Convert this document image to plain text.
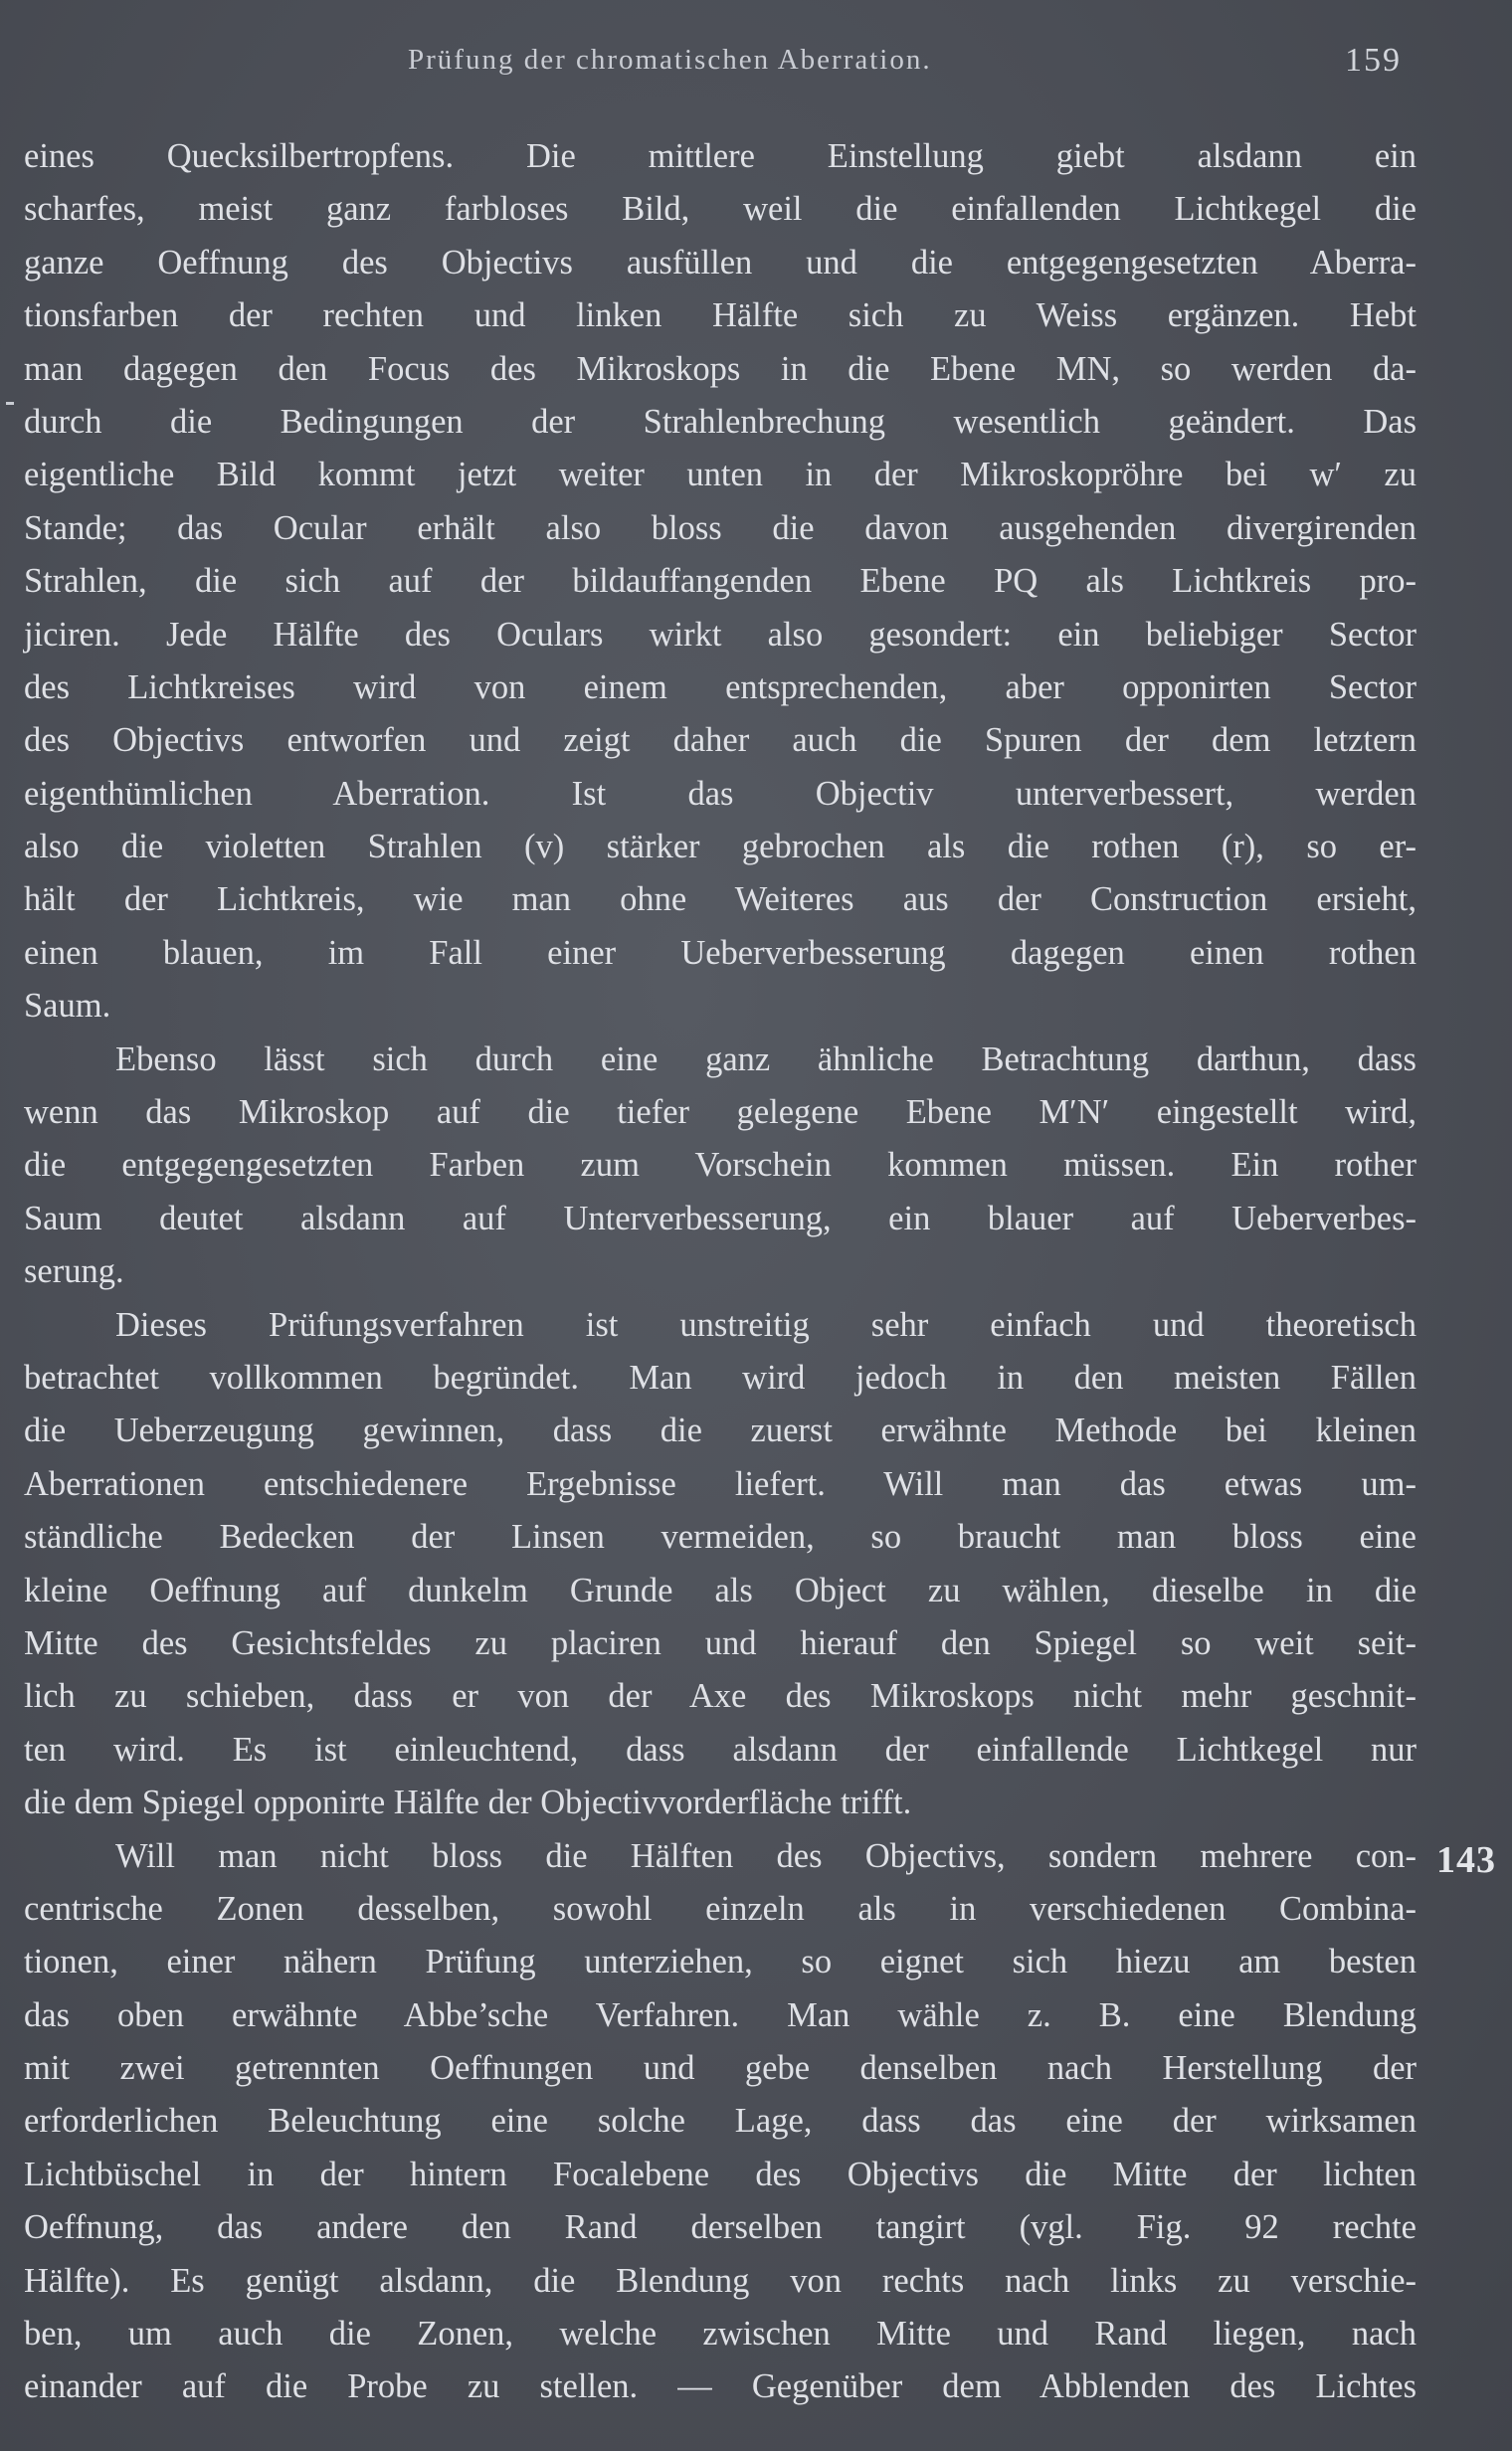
Prüfung der chromatischen Aberration.	159
eines Quecksilbertropfens. Die mittlere Einstellung giebt alsdann ein
scharfes, meist ganz farbloses Bild, weil die einfallenden Lichtkegel die
ganze Oeffnung des Objectivs ausfüllen und die entgegengesetzten Aberra-
tionsfarben der rechten und linken Hälfte sich zu Weiss ergänzen. Hebt
man dagegen den Focus des Mikroskops in die Ebene MN, so werden da-
durch die Bedingungen der Strahlenbrechung wesentlich geändert. Das
eigentliche Bild kommt jetzt weiter unten in der Mikroskopröhre bei w′ zu
Stande; das Ocular erhält also bloss die davon ausgehenden divergirenden
Strahlen, die sich auf der bildauffangenden Ebene PQ als Lichtkreis pro-
jiciren. Jede Hälfte des Oculars wirkt also gesondert: ein beliebiger Sector
des Lichtkreises wird von einem entsprechenden, aber opponirten Sector
des Objectivs entworfen und zeigt daher auch die Spuren der dem letztern
eigenthümlichen Aberration. Ist das Objectiv unterverbessert, werden
also die violetten Strahlen (v) stärker gebrochen als die rothen (r), so er-
hält der Lichtkreis, wie man ohne Weiteres aus der Construction ersieht,
einen blauen, im Fall einer Ueberverbesserung dagegen einen rothen
Saum.
Ebenso lässt sich durch eine ganz ähnliche Betrachtung darthun, dass
wenn das Mikroskop auf die tiefer gelegene Ebene M′N′ eingestellt wird,
die entgegengesetzten Farben zum Vorschein kommen müssen. Ein rother
Saum deutet alsdann auf Unterverbesserung, ein blauer auf Ueberverbes-
serung.
Dieses Prüfungsverfahren ist unstreitig sehr einfach und theoretisch
betrachtet vollkommen begründet. Man wird jedoch in den meisten Fällen
die Ueberzeugung gewinnen, dass die zuerst erwähnte Methode bei kleinen
Aberrationen entschiedenere Ergebnisse liefert. Will man das etwas um-
ständliche Bedecken der Linsen vermeiden, so braucht man bloss eine
kleine Oeffnung auf dunkelm Grunde als Object zu wählen, dieselbe in die
Mitte des Gesichtsfeldes zu placiren und hierauf den Spiegel so weit seit-
lich zu schieben, dass er von der Axe des Mikroskops nicht mehr geschnit-
ten wird. Es ist einleuchtend, dass alsdann der einfallende Lichtkegel nur
die dem Spiegel opponirte Hälfte der Objectivvorderfläche trifft.
Will man nicht bloss die Hälften des Objectivs, sondern mehrere con-
centrische Zonen desselben, sowohl einzeln als in verschiedenen Combina-
tionen, einer nähern Prüfung unterziehen, so eignet sich hiezu am besten
das oben erwähnte Abbe’sche Verfahren. Man wähle z. B. eine Blendung
mit zwei getrennten Oeffnungen und gebe denselben nach Herstellung der
erforderlichen Beleuchtung eine solche Lage, dass das eine der wirksamen
Lichtbüschel in der hintern Focalebene des Objectivs die Mitte der lichten
Oeffnung, das andere den Rand derselben tangirt (vgl. Fig. 92 rechte
Hälfte). Es genügt alsdann, die Blendung von rechts nach links zu verschie-
ben, um auch die Zonen, welche zwischen Mitte und Rand liegen, nach
einander auf die Probe zu stellen. — Gegenüber dem Abblenden des Lichtes
143
